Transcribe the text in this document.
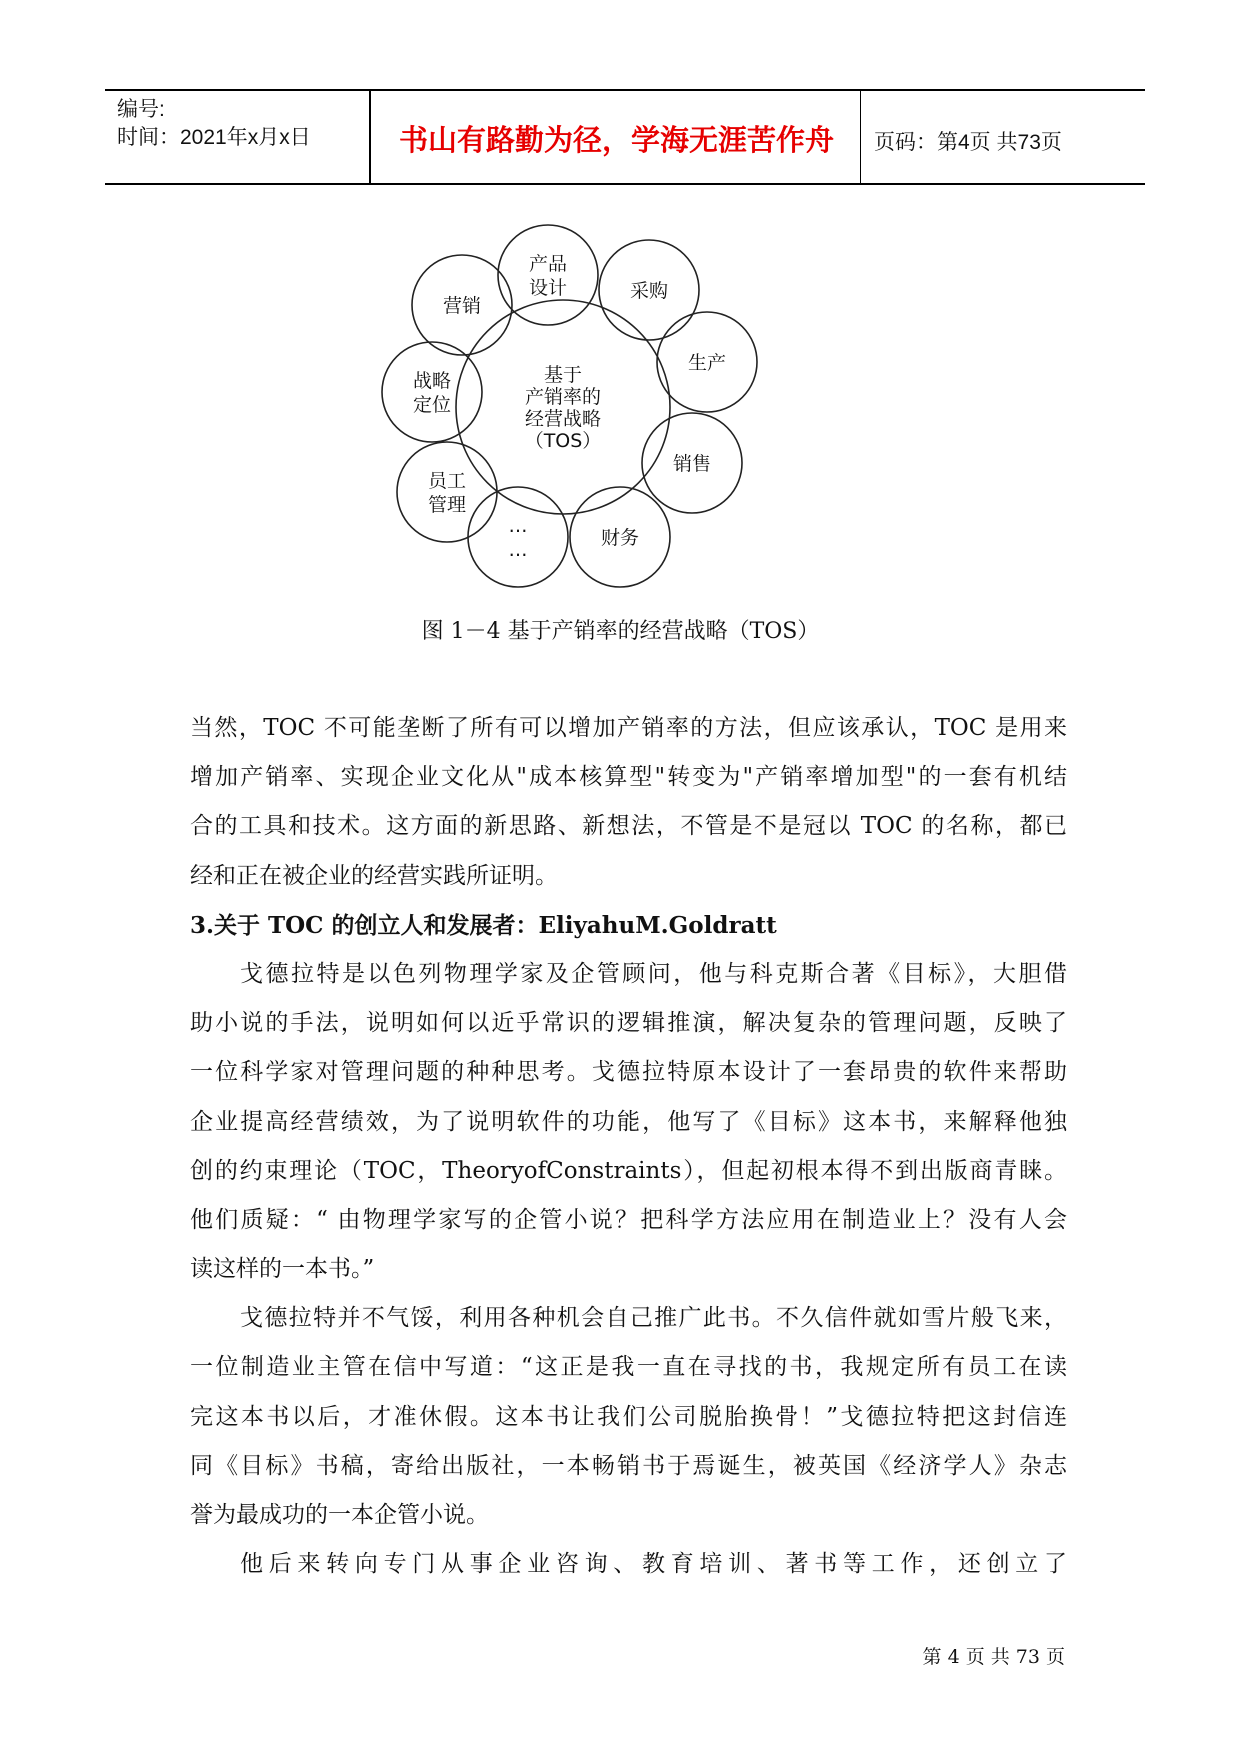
编号:
时间：2021年x月x日	书山有路勤为径，学海无涯苦作舟	页码：第4页 共73页
基于
产销率的
经营战略
（TOS）
产品
设计
营销
采购
生产
战略
定位
销售
员工
管理
…
…
财务
图 1－4 基于产销率的经营战略（TOS）
当然，TOC 不可能垄断了所有可以增加产销率的方法，但应该承认，TOC 是用来
增加产销率、实现企业文化从"成本核算型"转变为"产销率增加型"的一套有机结
合的工具和技术。这方面的新思路、新想法，不管是不是冠以 TOC 的名称，都已
经和正在被企业的经营实践所证明。
3.关于 TOC 的创立人和发展者：EliyahuM.Goldratt
戈德拉特是以色列物理学家及企管顾问，他与科克斯合著《目标》，大胆借
助小说的手法，说明如何以近乎常识的逻辑推演，解决复杂的管理问题，反映了
一位科学家对管理问题的种种思考。戈德拉特原本设计了一套昂贵的软件来帮助
企业提高经营绩效，为了说明软件的功能，他写了《目标》这本书，来解释他独
创的约束理论（TOC，TheoryofConstraints），但起初根本得不到出版商青睐。
他们质疑：“ 由物理学家写的企管小说？把科学方法应用在制造业上？没有人会
读这样的一本书。”
戈德拉特并不气馁，利用各种机会自己推广此书。不久信件就如雪片般飞来，
一位制造业主管在信中写道：“这正是我一直在寻找的书，我规定所有员工在读
完这本书以后，才准休假。这本书让我们公司脱胎换骨！”戈德拉特把这封信连
同《目标》书稿，寄给出版社，一本畅销书于焉诞生，被英国《经济学人》杂志
誉为最成功的一本企管小说。
他后来转向专门从事企业咨询、教育培训、著书等工作，还创立了
第 4 页 共 73 页
